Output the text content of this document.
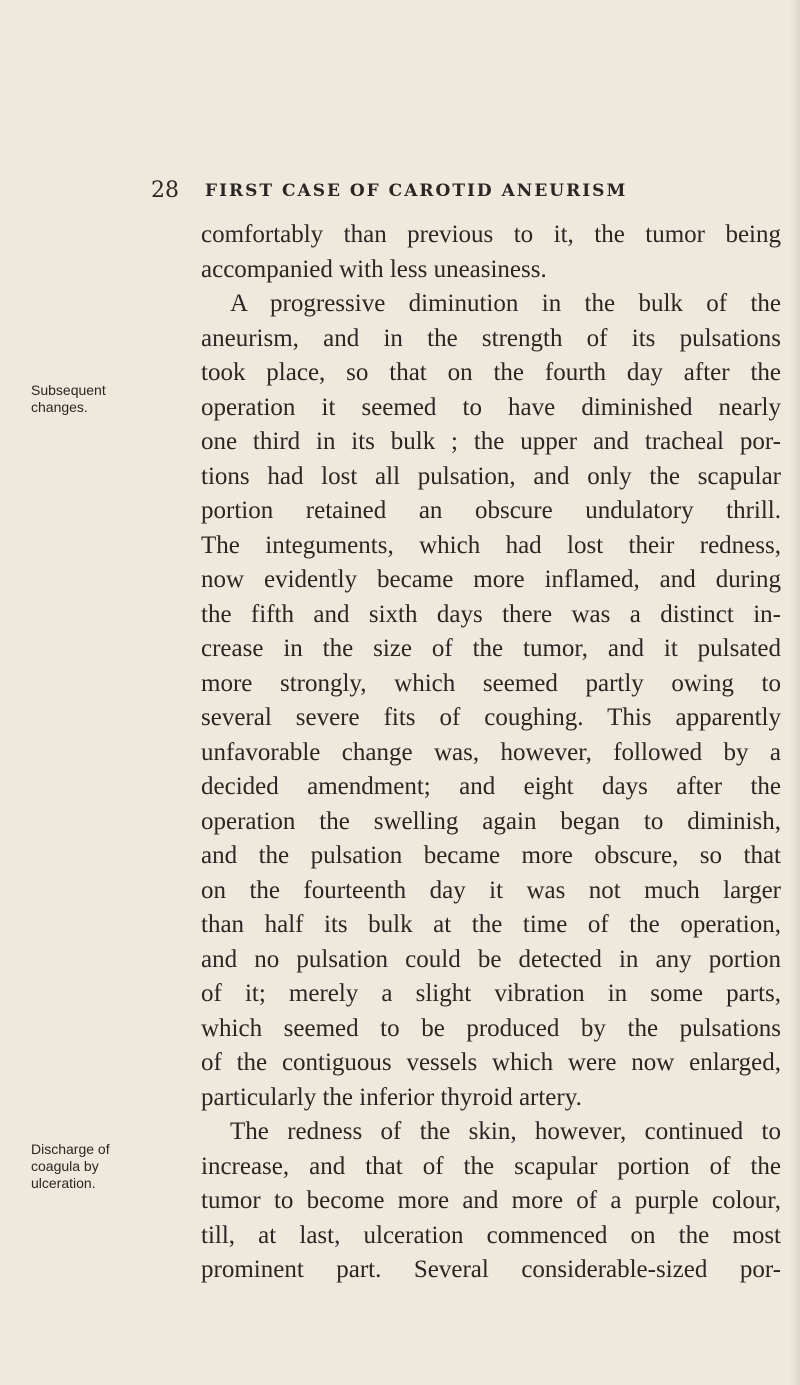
28 FIRST CASE OF CAROTID ANEURISM
Subsequent
changes.
Discharge of
coagula by
ulceration.
comfortably than previous to it, the tumor being
accompanied with less uneasiness.
A progressive diminution in the bulk of the
aneurism, and in the strength of its pulsations
took place, so that on the fourth day after the
operation it seemed to have diminished nearly
one third in its bulk ; the upper and tracheal por-
tions had lost all pulsation, and only the scapular
portion retained an obscure undulatory thrill.
The integuments, which had lost their redness,
now evidently became more inflamed, and during
the fifth and sixth days there was a distinct in-
crease in the size of the tumor, and it pulsated
more strongly, which seemed partly owing to
several severe fits of coughing. This apparently
unfavorable change was, however, followed by a
decided amendment; and eight days after the
operation the swelling again began to diminish,
and the pulsation became more obscure, so that
on the fourteenth day it was not much larger
than half its bulk at the time of the operation,
and no pulsation could be detected in any portion
of it; merely a slight vibration in some parts,
which seemed to be produced by the pulsations
of the contiguous vessels which were now enlarged,
particularly the inferior thyroid artery.
The redness of the skin, however, continued to
increase, and that of the scapular portion of the
tumor to become more and more of a purple colour,
till, at last, ulceration commenced on the most
prominent part. Several considerable-sized por-
